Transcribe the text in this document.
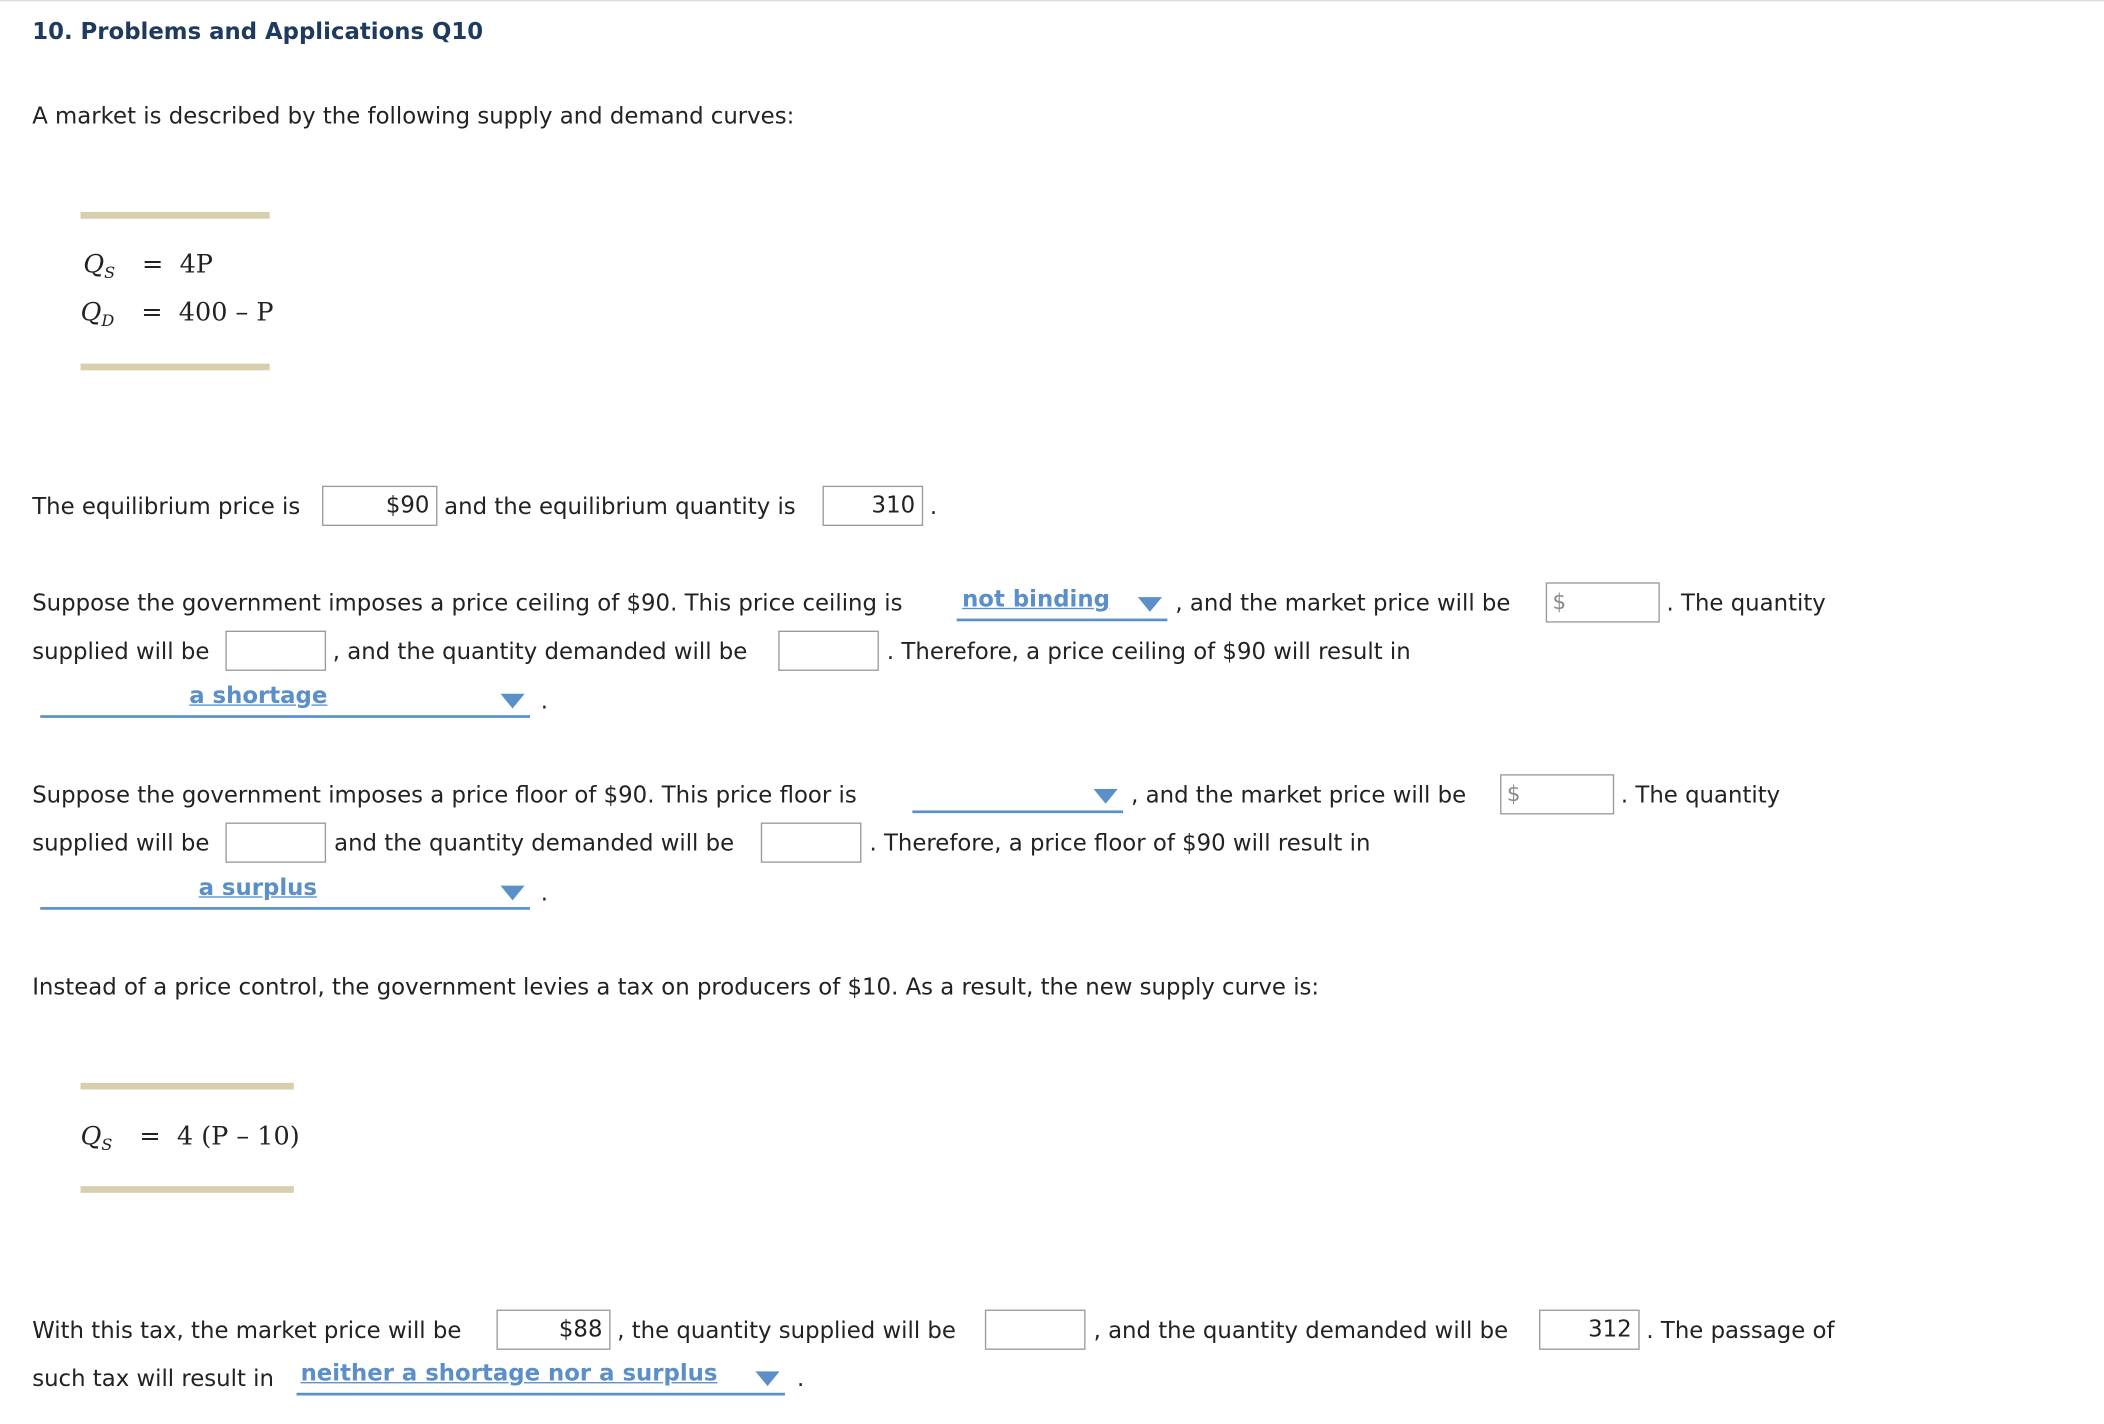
10. Problems and Applications Q10
A market is described by the following supply and demand curves:
$Q_S = 4P$
$Q_D = 400 - P$
The equilibrium price is	$90 and the equilibrium quantity is	310 .
Suppose the government imposes a price ceiling of $90. This price ceiling is	not binding	, and the market price will be	$	. The quantity
supplied will be	, and the quantity demanded will be	. Therefore, a price ceiling of $90 will result in
a shortage	.
Suppose the government imposes a price floor of $90. This price floor is	, and the market price will be	$	. The quantity
supplied will be	and the quantity demanded will be	. Therefore, a price floor of $90 will result in
a surplus	.
Instead of a price control, the government levies a tax on producers of $10. As a result, the new supply curve is:
$Q_S = 4$ (P – 10)
With this tax, the market price will be	$88 , the quantity supplied will be	, and the quantity demanded will be	312 . The passage of
such tax will result in neither a shortage nor a surplus	.
